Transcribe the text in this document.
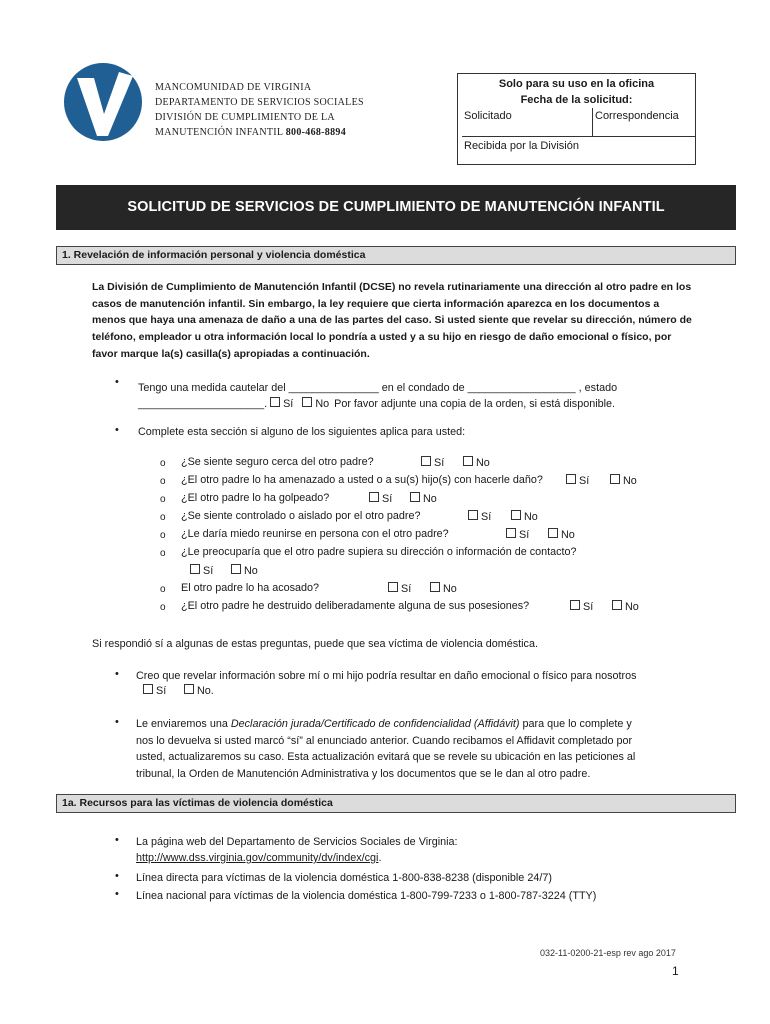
MANCOMUNIDAD DE VIRGINIA
DEPARTAMENTO DE SERVICIOS SOCIALES
DIVISIÓN DE CUMPLIMIENTO DE LA
MANUTENCIÓN INFANTIL 800-468-8894
Solo para su uso en la oficina
Fecha de la solicitud:
Solicitado	Correspondencia
Recibida por la División
SOLICITUD DE SERVICIOS DE CUMPLIMIENTO DE MANUTENCIÓN INFANTIL
1. Revelación de información personal y violencia doméstica
La División de Cumplimiento de Manutención Infantil (DCSE) no revela rutinariamente una dirección al otro padre en los casos de manutención infantil. Sin embargo, la ley requiere que cierta información aparezca en los documentos a menos que haya una amenaza de daño a una de las partes del caso. Si usted siente que revelar su dirección, número de teléfono, empleador u otra información local lo pondría a usted y a su hijo en riesgo de daño emocional o físico, por favor marque la(s) casilla(s) apropiadas a continuación.
• Tengo una medida cautelar del _______________ en el condado de __________________ , estado
_____________________. Sí No Por favor adjunte una copia de la orden, si está disponible.
• Complete esta sección si alguno de los siguientes aplica para usted:
o ¿Se siente seguro cerca del otro padre?	Sí	No
o ¿El otro padre lo ha amenazado a usted o a su(s) hijo(s) con hacerle daño?	Sí	No
o ¿El otro padre lo ha golpeado?	Sí	No
o ¿Se siente controlado o aislado por el otro padre?	Sí	No
o ¿Le daría miedo reunirse en persona con el otro padre?	Sí	No
o ¿Le preocuparía que el otro padre supiera su dirección o información de contacto?
Sí	No
o El otro padre lo ha acosado?	Sí	No
o ¿El otro padre he destruido deliberadamente alguna de sus posesiones?	Sí	No
Si respondió sí a algunas de estas preguntas, puede que sea víctima de violencia doméstica.
• Creo que revelar información sobre mí o mi hijo podría resultar en daño emocional o físico para nosotros
Sí	No.
• Le enviaremos una Declaración jurada/Certificado de confidencialidad (Affidávit) para que lo complete y
nos lo devuelva si usted marcó “sí” al enunciado anterior. Cuando recibamos el Affidavit completado por
usted, actualizaremos su caso. Esta actualización evitará que se revele su ubicación en las peticiones al
tribunal, la Orden de Manutención Administrativa y los documentos que se le dan al otro padre.
1a. Recursos para las víctimas de violencia doméstica
• La página web del Departamento de Servicios Sociales de Virginia:
http://www.dss.virginia.gov/community/dv/index/cgi.
• Línea directa para víctimas de la violencia doméstica 1-800-838-8238 (disponible 24/7)
• Línea nacional para víctimas de la violencia doméstica 1-800-799-7233 o 1-800-787-3224 (TTY)
032-11-0200-21-esp rev ago 2017
1
